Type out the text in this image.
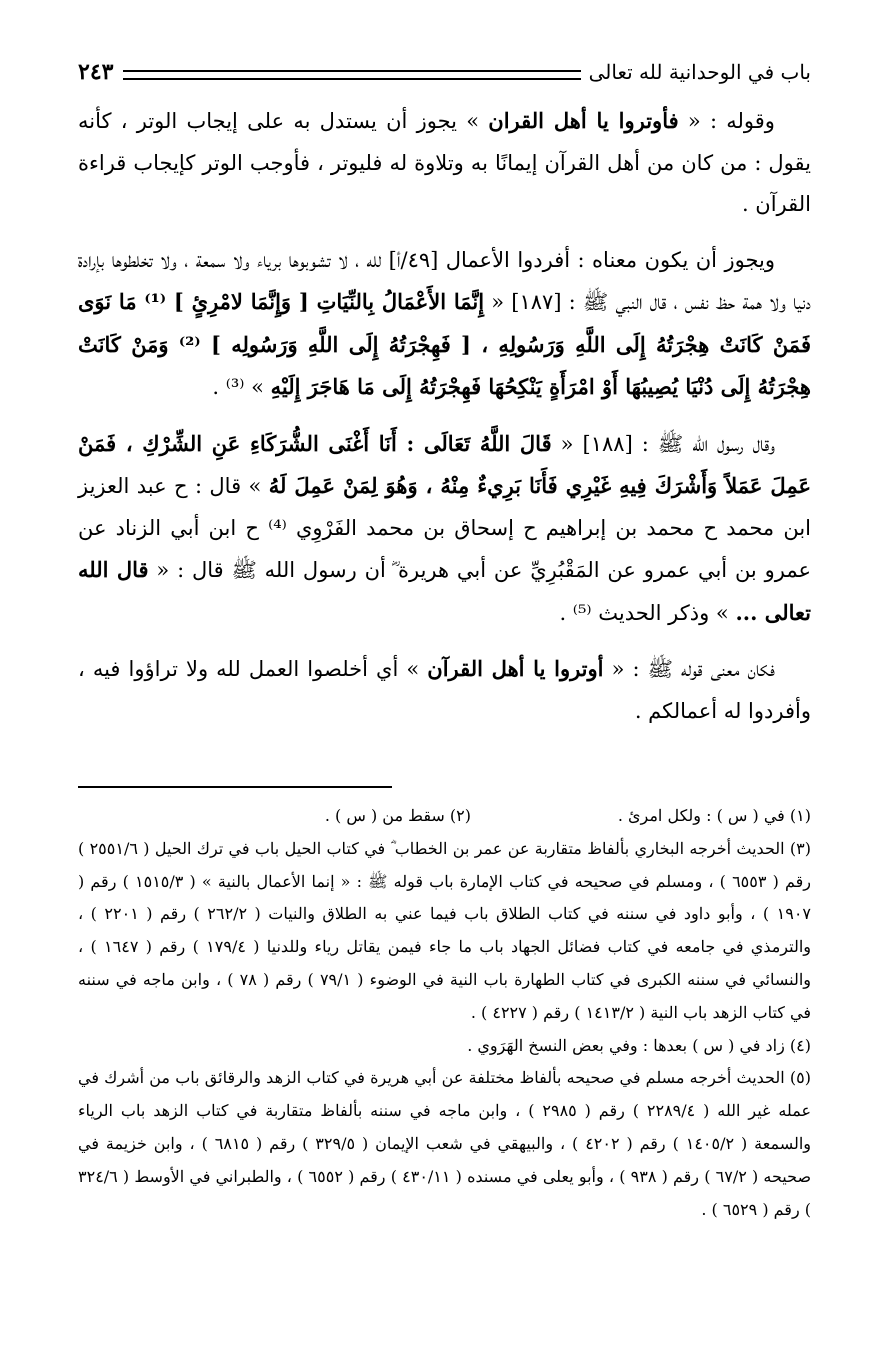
باب في الوحدانية لله تعالى
٢٤٣

وقوله : « فأوتروا يا أهل القران » يجوز أن يستدل به على إيجاب الوتر ، كأنه يقول : من كان من أهل القرآن إيمانًا به وتلاوة له فليوتر ، فأوجب الوتر كإيجاب قراءة القرآن .

ويجوز أن يكون معناه : أفردوا الأعمال [٤٩/أ] لله ، لا تشوبوها برياء ولا سمعة ، ولا تخلطوها بإرادة دنيا ولا همة حظ نفس ، قال النبي ﷺ : [١٨٧] « إِنَّمَا الأَعْمَالُ بِالنِّيَاتِ [ وَإِنَّمَا لامْرِئٍ ] ⁽¹⁾ مَا نَوَى فَمَنْ كَانَتْ هِجْرَتُهُ إِلَى اللَّهِ وَرَسُولِهِ ، [ فَهِجْرَتُهُ إِلَى اللَّهِ وَرَسُولِه ] ⁽²⁾ وَمَنْ كَانَتْ هِجْرَتُهُ إِلَى دُنْيَا يُصِيبُهَا أَوْ امْرَأَةٍ يَنْكِحُهَا فَهِجْرَتُهُ إِلَى مَا هَاجَرَ إِلَيْهِ » ⁽³⁾ .

وقال رسول الله ﷺ : [١٨٨] « قَالَ اللَّهُ تَعَالَى : أَنَا أَغْنَى الشُّرَكَاءِ عَنِ الشِّرْكِ ، فَمَنْ عَمِلَ عَمَلاً وَأَشْرَكَ فِيهِ غَيْرِي فَأَنَا بَرِيءٌ مِنْهُ ، وَهُوَ لِمَنْ عَمِلَ لَهُ » قال : ح عبد العزيز ابن محمد ح محمد بن إبراهيم ح إسحاق بن محمد الفَرْوِي ⁽⁴⁾ ح ابن أبي الزناد عن عمرو بن أبي عمرو عن المَقْبُرِيِّ عن أبي هريرة ؓ أن رسول الله ﷺ قال : « قال الله تعالى ... » وذكر الحديث ⁽⁵⁾ .

فكان معنى قوله ﷺ : « أوتروا يا أهل القرآن » أي أخلصوا العمل لله ولا تراؤوا فيه ، وأفردوا له أعمالكم .

(١) في ( س ) : ولكل امرئ .
(٢) سقط من ( س ) .

(٣) الحديث أخرجه البخاري بألفاظ متقاربة عن عمر بن الخطاب ؓ في كتاب الحيل باب في ترك الحيل ( ٢٥٥١/٦ ) رقم ( ٦٥٥٣ ) ، ومسلم في صحيحه في كتاب الإمارة باب قوله ﷺ : « إنما الأعمال بالنية » ( ١٥١٥/٣ ) رقم ( ١٩٠٧ ) ، وأبو داود في سننه في كتاب الطلاق باب فيما عني به الطلاق والنيات ( ٢٦٢/٢ ) رقم ( ٢٢٠١ ) ، والترمذي في جامعه في كتاب فضائل الجهاد باب ما جاء فيمن يقاتل رياء وللدنيا ( ١٧٩/٤ ) رقم ( ١٦٤٧ ) ، والنسائي في سننه الكبرى في كتاب الطهارة باب النية في الوضوء ( ٧٩/١ ) رقم ( ٧٨ ) ، وابن ماجه في سننه في كتاب الزهد باب النية ( ١٤١٣/٢ ) رقم ( ٤٢٢٧ ) .

(٤) زاد في ( س ) بعدها : وفي بعض النسخ الهَرَوي .

(٥) الحديث أخرجه مسلم في صحيحه بألفاظ مختلفة عن أبي هريرة في كتاب الزهد والرقائق باب من أشرك في عمله غير الله ( ٢٢٨٩/٤ ) رقم ( ٢٩٨٥ ) ، وابن ماجه في سننه بألفاظ متقاربة في كتاب الزهد باب الرياء والسمعة ( ١٤٠٥/٢ ) رقم ( ٤٢٠٢ ) ، والبيهقي في شعب الإيمان ( ٣٢٩/٥ ) رقم ( ٦٨١٥ ) ، وابن خزيمة في صحيحه ( ٦٧/٢ ) رقم ( ٩٣٨ ) ، وأبو يعلى في مسنده ( ٤٣٠/١١ ) رقم ( ٦٥٥٢ ) ، والطبراني في الأوسط ( ٣٢٤/٦ ) رقم ( ٦٥٢٩ ) .
